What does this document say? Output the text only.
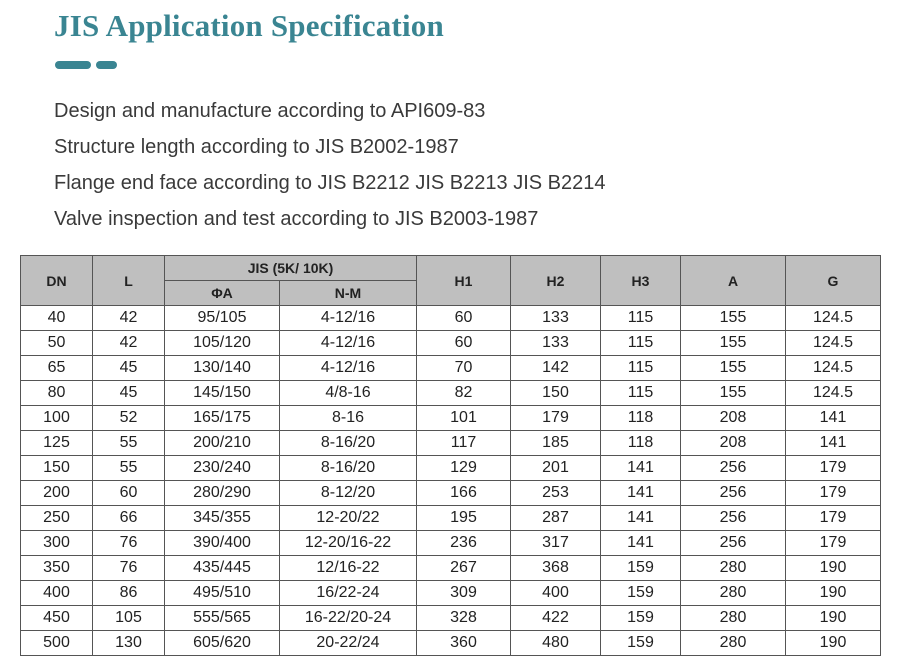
JIS Application Specification
Design and manufacture according to API609-83
Structure length according to JIS B2002-1987
Flange end face according to JIS B2212 JIS B2213 JIS B2214
Valve inspection and test according to JIS B2003-1987
DN	L	JIS (5K/ 10K)		H1	H2	H3	A	G
		ΦA	N-M					
40	42	95/105	4-12/16	60	133	115	155	124.5
50	42	105/120	4-12/16	60	133	115	155	124.5
65	45	130/140	4-12/16	70	142	115	155	124.5
80	45	145/150	4/8-16	82	150	115	155	124.5
100	52	165/175	8-16	101	179	118	208	141
125	55	200/210	8-16/20	117	185	118	208	141
150	55	230/240	8-16/20	129	201	141	256	179
200	60	280/290	8-12/20	166	253	141	256	179
250	66	345/355	12-20/22	195	287	141	256	179
300	76	390/400	12-20/16-22	236	317	141	256	179
350	76	435/445	12/16-22	267	368	159	280	190
400	86	495/510	16/22-24	309	400	159	280	190
450	105	555/565	16-22/20-24	328	422	159	280	190
500	130	605/620	20-22/24	360	480	159	280	190
